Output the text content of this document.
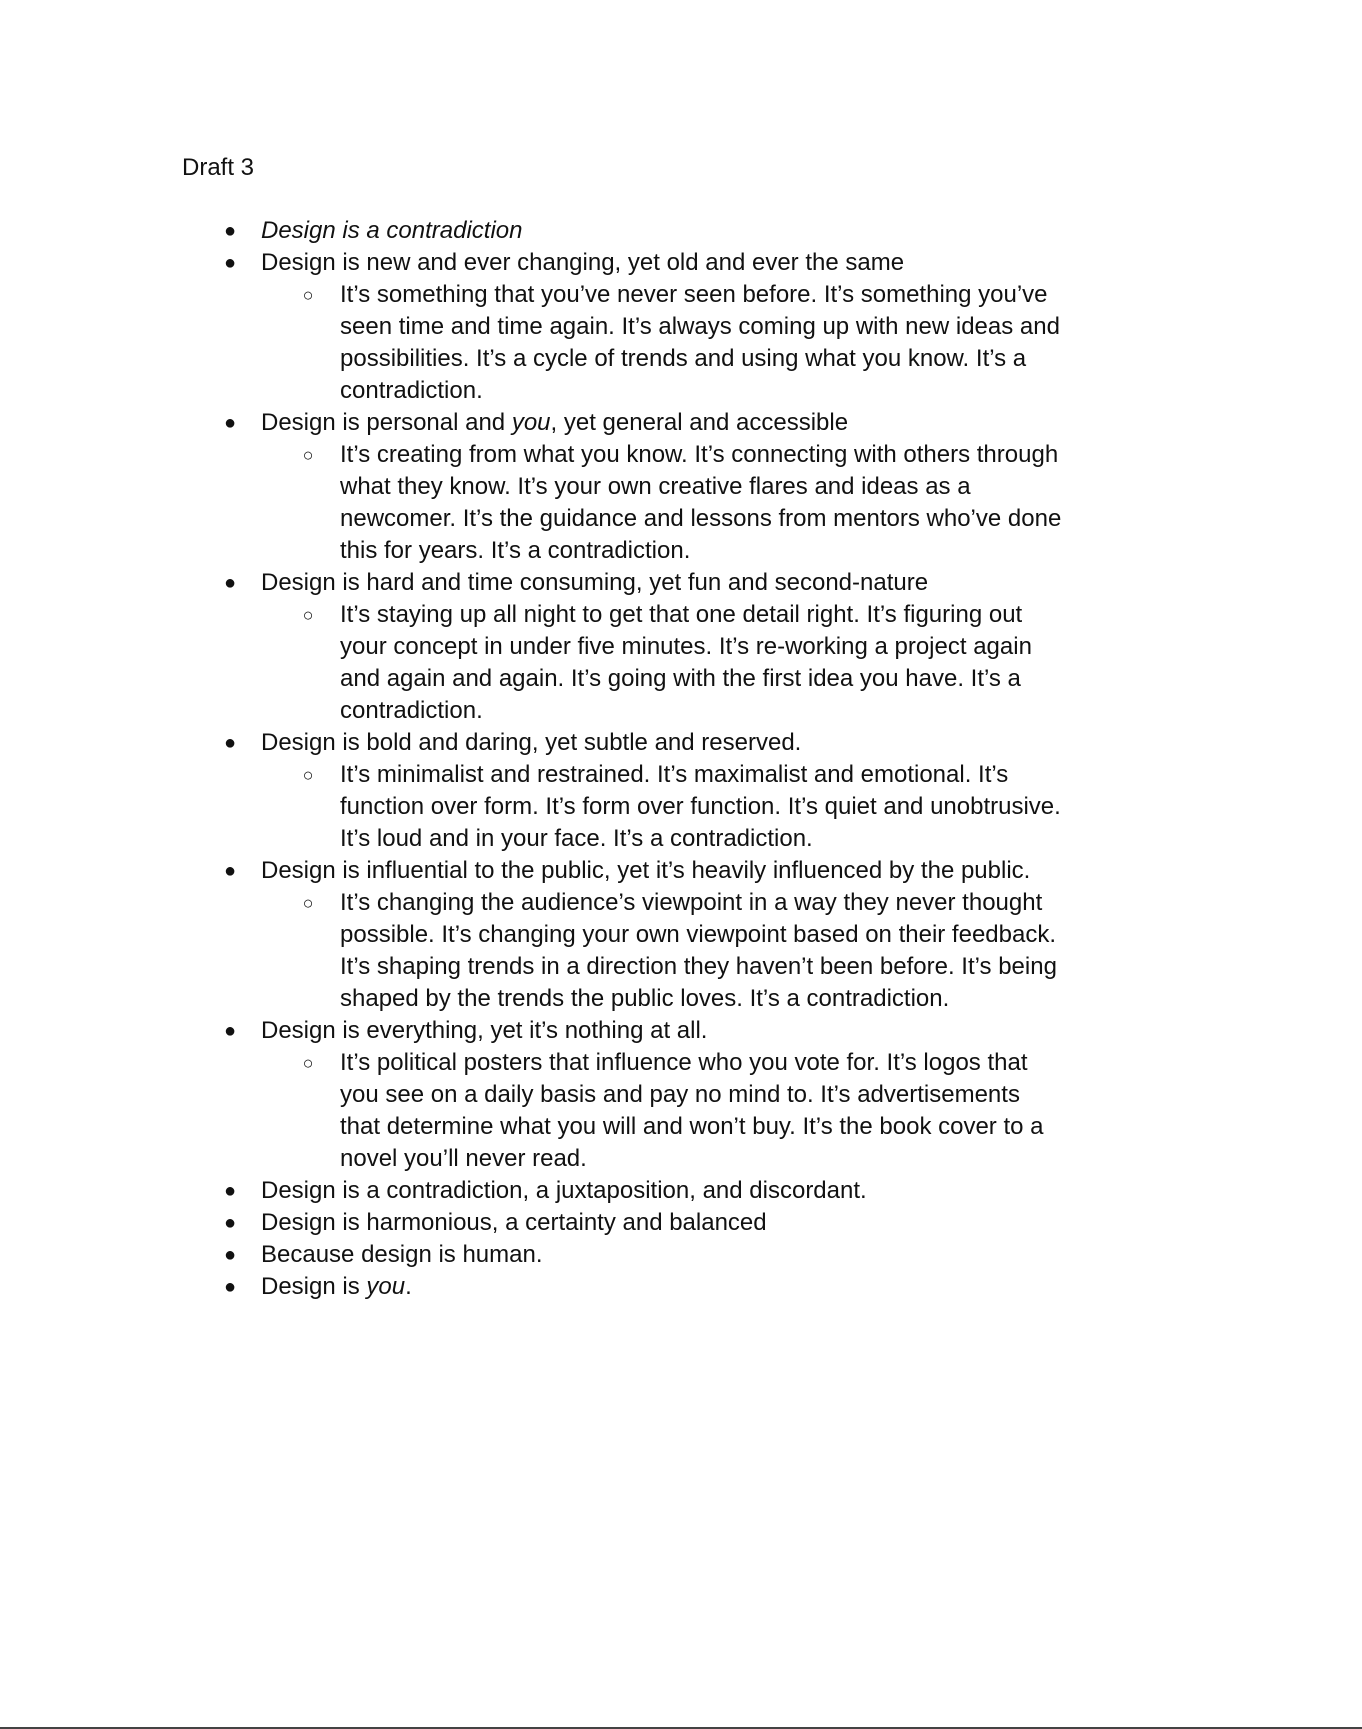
Draft 3
● Design is a contradiction
● Design is new and ever changing, yet old and ever the same
○ It’s something that you’ve never seen before. It’s something you’ve seen time and time again. It’s always coming up with new ideas and possibilities. It’s a cycle of trends and using what you know. It’s a contradiction.
● Design is personal and you, yet general and accessible
○ It’s creating from what you know. It’s connecting with others through what they know. It’s your own creative flares and ideas as a newcomer. It’s the guidance and lessons from mentors who’ve done this for years. It’s a contradiction.
● Design is hard and time consuming, yet fun and second-nature
○ It’s staying up all night to get that one detail right. It’s figuring out your concept in under five minutes. It’s re-working a project again and again and again. It’s going with the first idea you have. It’s a contradiction.
● Design is bold and daring, yet subtle and reserved.
○ It’s minimalist and restrained. It’s maximalist and emotional. It’s function over form. It’s form over function. It’s quiet and unobtrusive. It’s loud and in your face. It’s a contradiction.
● Design is influential to the public, yet it’s heavily influenced by the public.
○ It’s changing the audience’s viewpoint in a way they never thought possible. It’s changing your own viewpoint based on their feedback. It’s shaping trends in a direction they haven’t been before. It’s being shaped by the trends the public loves. It’s a contradiction.
● Design is everything, yet it’s nothing at all.
○ It’s political posters that influence who you vote for. It’s logos that you see on a daily basis and pay no mind to. It’s advertisements that determine what you will and won’t buy. It’s the book cover to a novel you’ll never read.
● Design is a contradiction, a juxtaposition, and discordant.
● Design is harmonious, a certainty and balanced
● Because design is human.
● Design is you.
